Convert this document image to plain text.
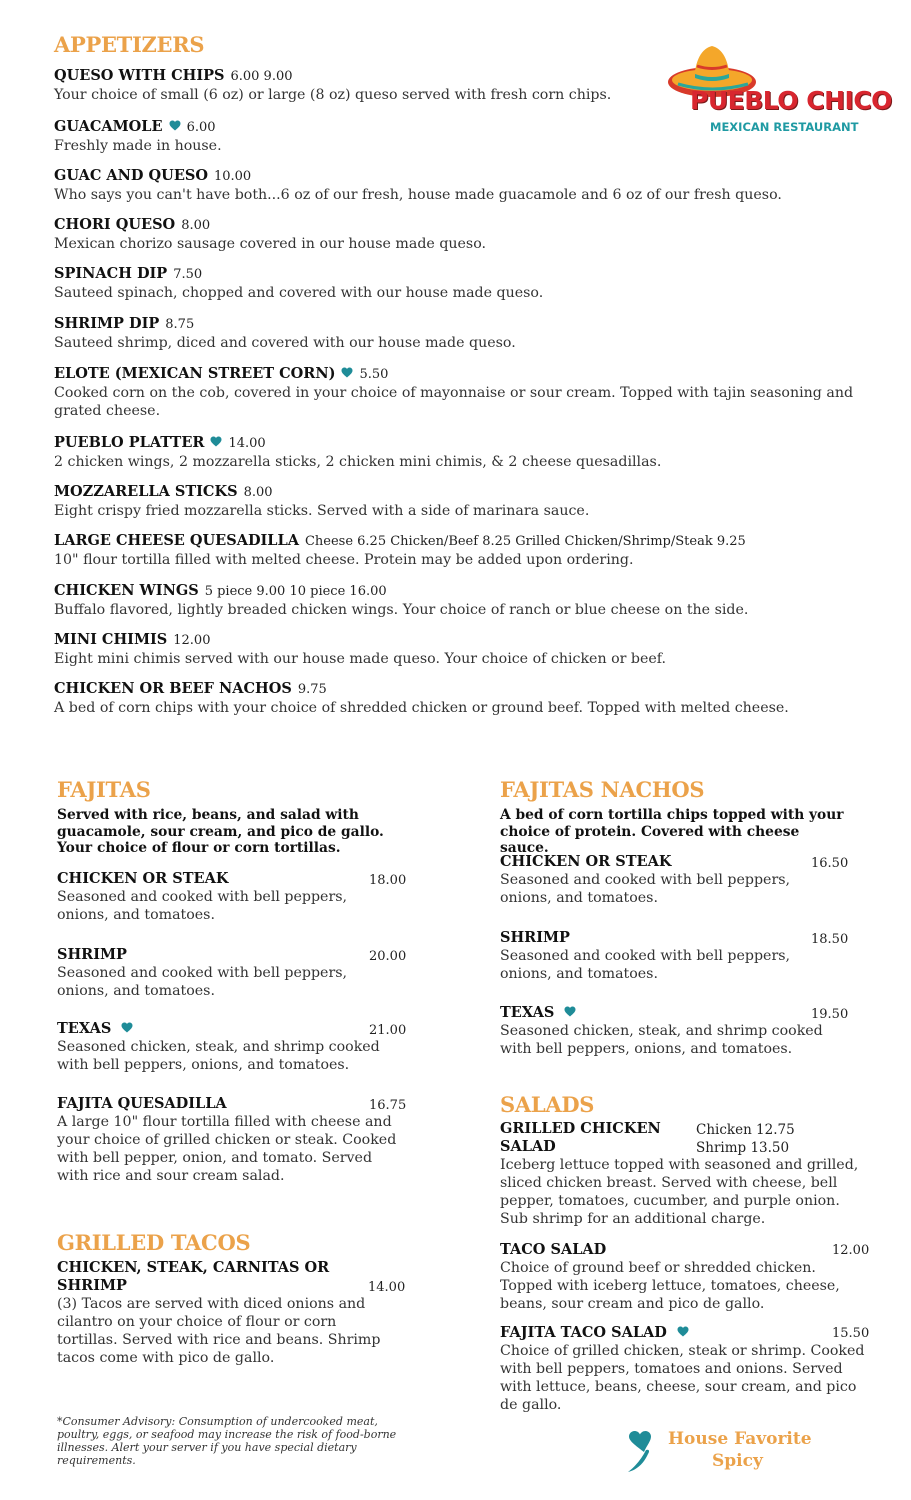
APPETIZERS
PUEBLO CHICO
MEXICAN RESTAURANT
QUESO WITH CHIPS 6.00 9.00
Your choice of small (6 oz) or large (8 oz) queso served with fresh corn chips.
GUACAMOLE 6.00
Freshly made in house.
GUAC AND QUESO 10.00
Who says you can't have both...6 oz of our fresh, house made guacamole and 6 oz of our fresh queso.
CHORI QUESO 8.00
Mexican chorizo sausage covered in our house made queso.
SPINACH DIP 7.50
Sauteed spinach, chopped and covered with our house made queso.
SHRIMP DIP 8.75
Sauteed shrimp, diced and covered with our house made queso.
ELOTE (MEXICAN STREET CORN) 5.50
Cooked corn on the cob, covered in your choice of mayonnaise or sour cream. Topped with tajin seasoning and grated cheese.
PUEBLO PLATTER 14.00
2 chicken wings, 2 mozzarella sticks, 2 chicken mini chimis, & 2 cheese quesadillas.
MOZZARELLA STICKS 8.00
Eight crispy fried mozzarella sticks. Served with a side of marinara sauce.
LARGE CHEESE QUESADILLA Cheese 6.25 Chicken/Beef 8.25 Grilled Chicken/Shrimp/Steak 9.25
10" flour tortilla filled with melted cheese. Protein may be added upon ordering.
CHICKEN WINGS 5 piece 9.00 10 piece 16.00
Buffalo flavored, lightly breaded chicken wings. Your choice of ranch or blue cheese on the side.
MINI CHIMIS 12.00
Eight mini chimis served with our house made queso. Your choice of chicken or beef.
CHICKEN OR BEEF NACHOS 9.75
A bed of corn chips with your choice of shredded chicken or ground beef. Topped with melted cheese.
FAJITAS
Served with rice, beans, and salad with guacamole, sour cream, and pico de gallo. Your choice of flour or corn tortillas.
CHICKEN OR STEAK
Seasoned and cooked with bell peppers, onions, and tomatoes.
18.00
SHRIMP
Seasoned and cooked with bell peppers, onions, and tomatoes.
20.00
TEXAS
Seasoned chicken, steak, and shrimp cooked with bell peppers, onions, and tomatoes.
21.00
FAJITA QUESADILLA
A large 10" flour tortilla filled with cheese and your choice of grilled chicken or steak. Cooked with bell pepper, onion, and tomato. Served with rice and sour cream salad.
16.75
GRILLED TACOS
CHICKEN, STEAK, CARNITAS OR SHRIMP
(3) Tacos are served with diced onions and cilantro on your choice of flour or corn tortillas. Served with rice and beans. Shrimp tacos come with pico de gallo.
14.00
*Consumer Advisory: Consumption of undercooked meat, poultry, eggs, or seafood may increase the risk of food-borne illnesses. Alert your server if you have special dietary requirements.
FAJITAS NACHOS
A bed of corn tortilla chips topped with your choice of protein. Covered with cheese sauce.
CHICKEN OR STEAK
Seasoned and cooked with bell peppers, onions, and tomatoes.
16.50
SHRIMP
Seasoned and cooked with bell peppers, onions, and tomatoes.
18.50
TEXAS
Seasoned chicken, steak, and shrimp cooked with bell peppers, onions, and tomatoes.
19.50
SALADS
GRILLED CHICKEN SALAD
Iceberg lettuce topped with seasoned and grilled, sliced chicken breast. Served with cheese, bell pepper, tomatoes, cucumber, and purple onion. Sub shrimp for an additional charge.
Chicken 12.75
Shrimp 13.50
TACO SALAD
Choice of ground beef or shredded chicken. Topped with iceberg lettuce, tomatoes, cheese, beans, sour cream and pico de gallo.
12.00
FAJITA TACO SALAD
Choice of grilled chicken, steak or shrimp. Cooked with bell peppers, tomatoes and onions. Served with lettuce, beans, cheese, sour cream, and pico de gallo.
15.50
House Favorite
Spicy
